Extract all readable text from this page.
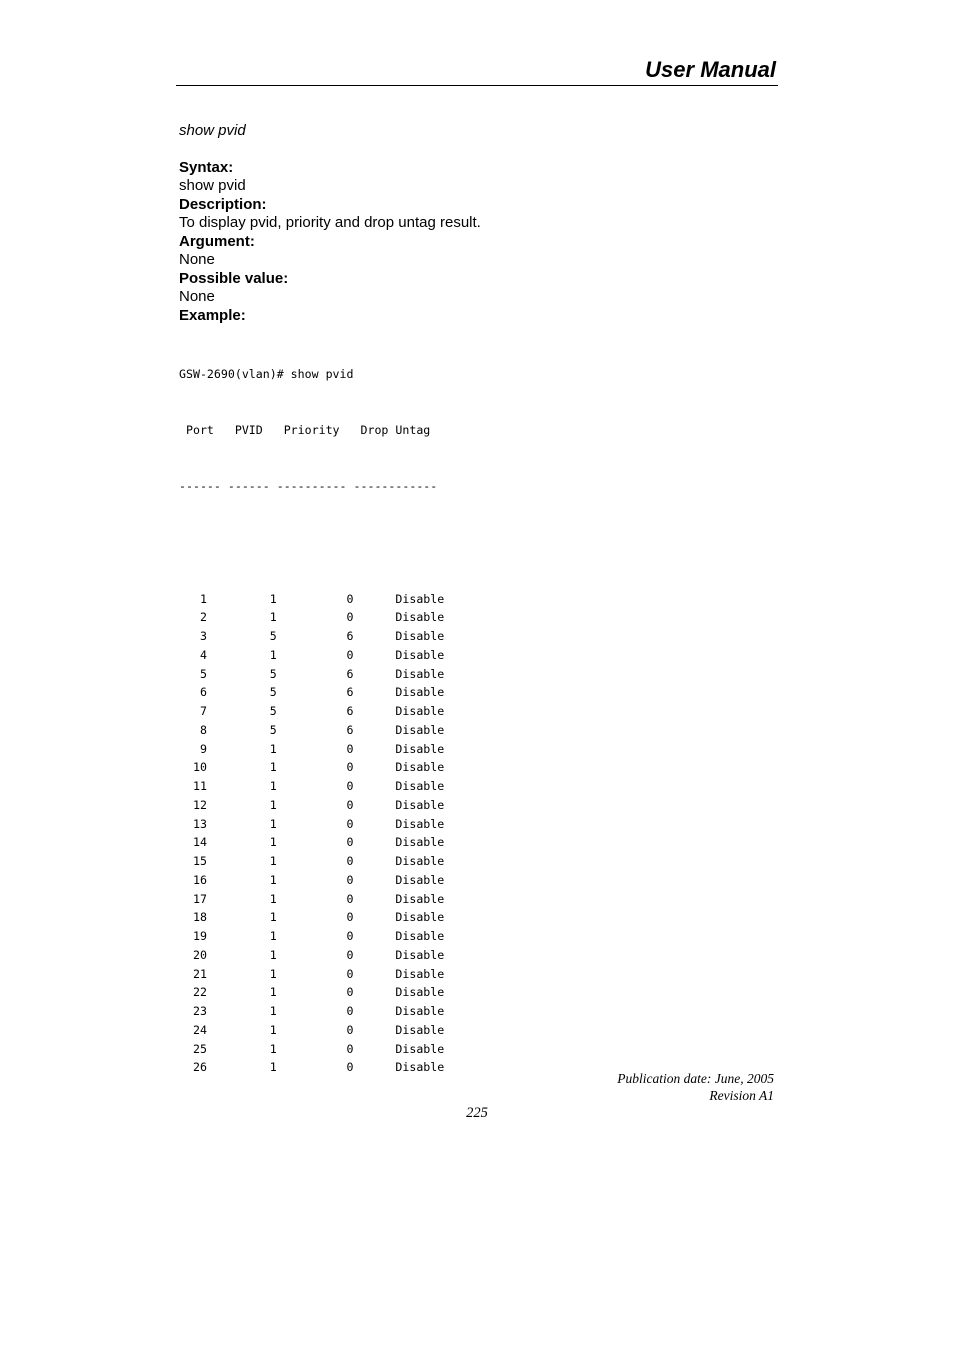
User Manual
show pvid
Syntax:
show pvid
Description:
To display pvid, priority and drop untag result.
Argument:
None
Possible value:
None
Example:

GSW-2690(vlan)# show pvid

Port   PVID   Priority   Drop Untag

------ ------ ---------- ------------

1         1          0      Disable
2         1          0      Disable
3         5          6      Disable
4         1          0      Disable
5         5          6      Disable
6         5          6      Disable
7         5          6      Disable
8         5          6      Disable
9         1          0      Disable
10         1          0      Disable
11         1          0      Disable
12         1          0      Disable
13         1          0      Disable
14         1          0      Disable
15         1          0      Disable
16         1          0      Disable
17         1          0      Disable
18         1          0      Disable
19         1          0      Disable
20         1          0      Disable
21         1          0      Disable
22         1          0      Disable
23         1          0      Disable
24         1          0      Disable
25         1          0      Disable
26         1          0      Disable

Publication date: June, 2005
Revision A1
225
